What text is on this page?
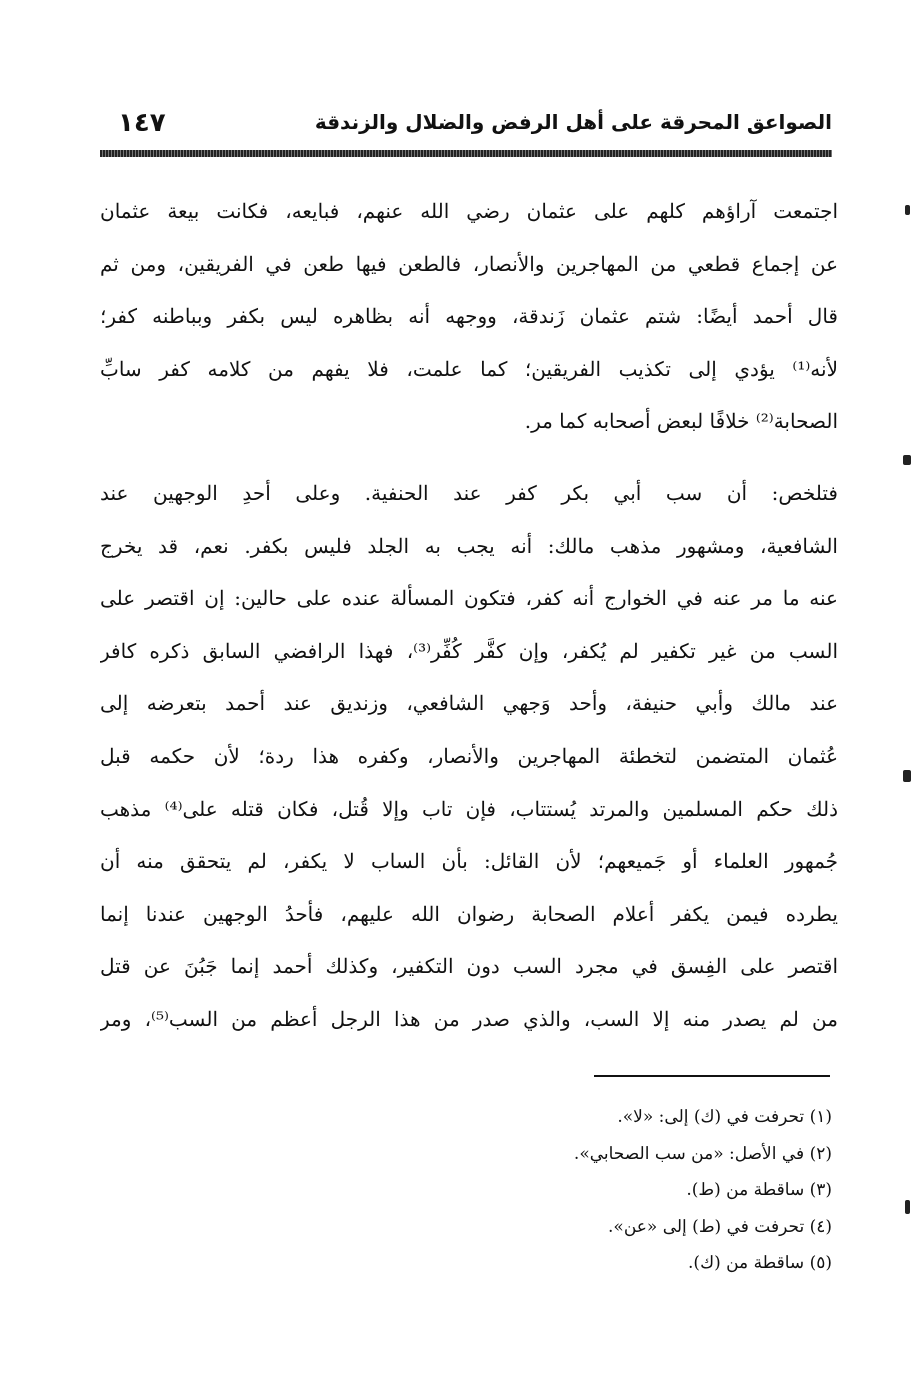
الصواعق المحرقة على أهل الرفض والضلال والزندقة
١٤٧

اجتمعت آراؤهم كلهم على عثمان رضي الله عنهم، فبايعه، فكانت بيعة عثمان
عن إجماع قطعي من المهاجرين والأنصار، فالطعن فيها طعن في الفريقين، ومن ثم
قال أحمد أيضًا: شتم عثمان زَندقة، ووجهه أنه بظاهره ليس بكفر وبباطنه كفر؛
لأنه⁽¹⁾ يؤدي إلى تكذيب الفريقين؛ كما علمت، فلا يفهم من كلامه كفر سابِّ
الصحابة⁽²⁾ خلافًا لبعض أصحابه كما مر.

فتلخص: أن سب أبي بكر كفر عند الحنفية. وعلى أحدِ الوجهين عند
الشافعية، ومشهور مذهب مالك: أنه يجب به الجلد فليس بكفر. نعم، قد يخرج
عنه ما مر عنه في الخوارج أنه كفر، فتكون المسألة عنده على حالين: إن اقتصر على
السب من غير تكفير لم يُكفر، وإن كفَّر كُفِّر⁽³⁾، فهذا الرافضي السابق ذكره كافر
عند مالك وأبي حنيفة، وأحد وَجهي الشافعي، وزنديق عند أحمد بتعرضه إلى
عُثمان المتضمن لتخطئة المهاجرين والأنصار، وكفره هذا ردة؛ لأن حكمه قبل
ذلك حكم المسلمين والمرتد يُستتاب، فإن تاب وإلا قُتل، فكان قتله على⁽⁴⁾ مذهب
جُمهور العلماء أو جَميعهم؛ لأن القائل: بأن الساب لا يكفر، لم يتحقق منه أن
يطرده فيمن يكفر أعلام الصحابة رضوان الله عليهم، فأحدُ الوجهين عندنا إنما
اقتصر على الفِسق في مجرد السب دون التكفير، وكذلك أحمد إنما جَبُنَ عن قتل
من لم يصدر منه إلا السب، والذي صدر من هذا الرجل أعظم من السب⁽⁵⁾، ومر

(١) تحرفت في (ك) إلى: «لا».
(٢) في الأصل: «من سب الصحابي».
(٣) ساقطة من (ط).
(٤) تحرفت في (ط) إلى «عن».
(٥) ساقطة من (ك).
